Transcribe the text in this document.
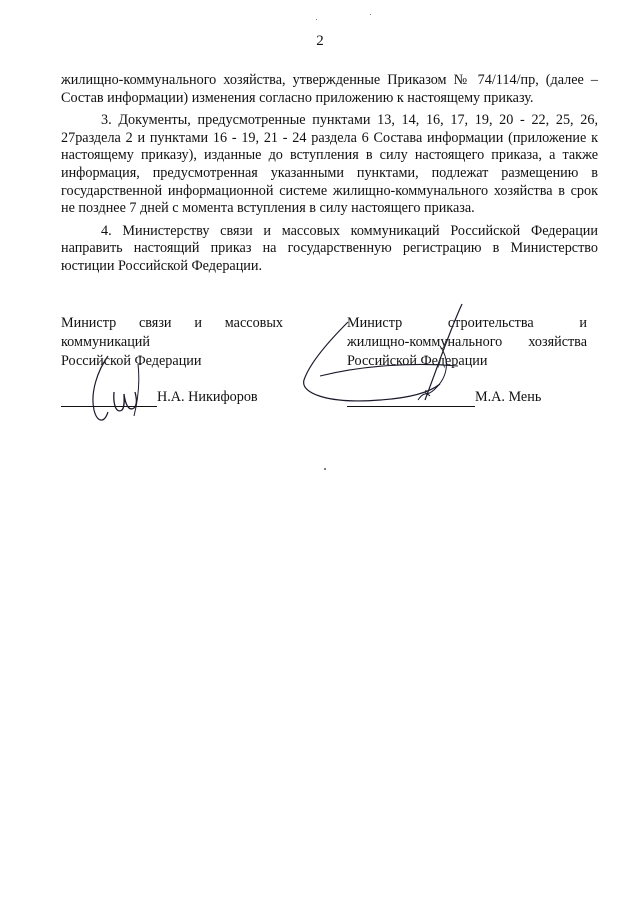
2

жилищно-коммунального хозяйства, утвержденные Приказом № 74/114/пр, (далее – Состав информации) изменения согласно приложению к настоящему приказу.

3. Документы, предусмотренные пунктами 13, 14, 16, 17, 19, 20 - 22, 25, 26, 27раздела 2 и пунктами 16 - 19, 21 - 24 раздела 6 Состава информации (приложение к настоящему приказу), изданные до вступления в силу настоящего приказа, а также информация, предусмотренная указанными пунктами, подлежат размещению в государственной информационной системе жилищно-коммунального хозяйства в срок не позднее 7 дней с момента вступления в силу настоящего приказа.

4. Министерству связи и массовых коммуникаций Российской Федерации направить настоящий приказ на государственную регистрацию в Министерство юстиции Российской Федерации.

Министр связи и массовых
коммуникаций
Российской Федерации
Н.А. Никифоров
Министр строительства и
жилищно-коммунального хозяйства
Российской Федерации
М.А. Мень
